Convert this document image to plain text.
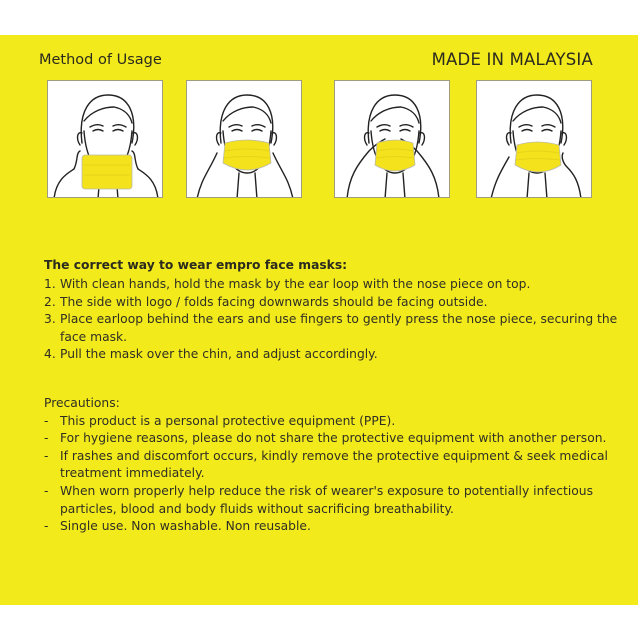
Method of Usage	MADE IN MALAYSIA
The correct way to wear empro face masks:
1. With clean hands, hold the mask by the ear loop with the nose piece on top.
2. The side with logo / folds facing downwards should be facing outside.
3. Place earloop behind the ears and use fingers to gently press the nose piece, securing the face mask.
4. Pull the mask over the chin, and adjust accordingly.
Precautions:
- This product is a personal protective equipment (PPE).
- For hygiene reasons, please do not share the protective equipment with another person.
- If rashes and discomfort occurs, kindly remove the protective equipment & seek medical treatment immediately.
- When worn properly help reduce the risk of wearer's exposure to potentially infectious particles, blood and body fluids without sacrificing breathability.
- Single use. Non washable. Non reusable.
